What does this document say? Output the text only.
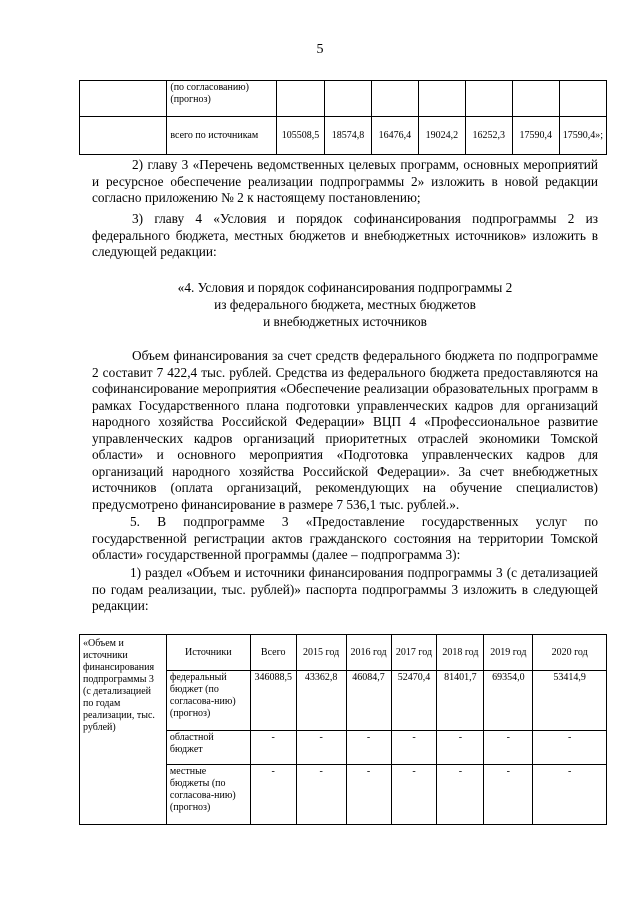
5
	(по согласованию) (прогноз)							
	всего по источникам	105508,5	18574,8	16476,4	19024,2	16252,3	17590,4	17590,4»;
2) главу 3 «Перечень ведомственных целевых программ, основных мероприятий и ресурсное обеспечение реализации подпрограммы 2» изложить в новой редакции согласно приложению № 2 к настоящему постановлению;
3) главу 4 «Условия и порядок софинансирования подпрограммы 2 из федерального бюджета, местных бюджетов и внебюджетных источников» изложить в следующей редакции:
«4. Условия и порядок софинансирования подпрограммы 2
из федерального бюджета, местных бюджетов
и внебюджетных источников
Объем финансирования за счет средств федерального бюджета по подпрограмме 2 составит 7 422,4 тыс. рублей. Средства из федерального бюджета предоставляются на софинансирование мероприятия «Обеспечение реализации образовательных программ в рамках Государственного плана подготовки управленческих кадров для организаций народного хозяйства Российской Федерации» ВЦП 4 «Профессиональное развитие управленческих кадров организаций приоритетных отраслей экономики Томской области» и основного мероприятия «Подготовка управленческих кадров для организаций народного хозяйства Российской Федерации». За счет внебюджетных источников (оплата организаций, рекомендующих на обучение специалистов) предусмотрено финансирование в размере 7 536,1 тыс. рублей.».
5. В подпрограмме 3 «Предоставление государственных услуг по государственной регистрации актов гражданского состояния на территории Томской области» государственной программы (далее – подпрограмма 3):
1) раздел «Объем и источники финансирования подпрограммы 3 (с детализацией по годам реализации, тыс. рублей)» паспорта подпрограммы 3 изложить в следующей редакции:
«Объем и источники финансирования подпрограммы 3 (с детализацией по годам реализации, тыс. рублей)	Источники	Всего	2015 год	2016 год	2017 год	2018 год	2019 год	2020 год
	федеральный бюджет (по согласова-нию) (прогноз)	346088,5	43362,8	46084,7	52470,4	81401,7	69354,0	53414,9
	областной бюджет	-	-	-	-	-	-	-
	местные бюджеты (по согласова-нию) (прогноз)	-	-	-	-	-	-	-
